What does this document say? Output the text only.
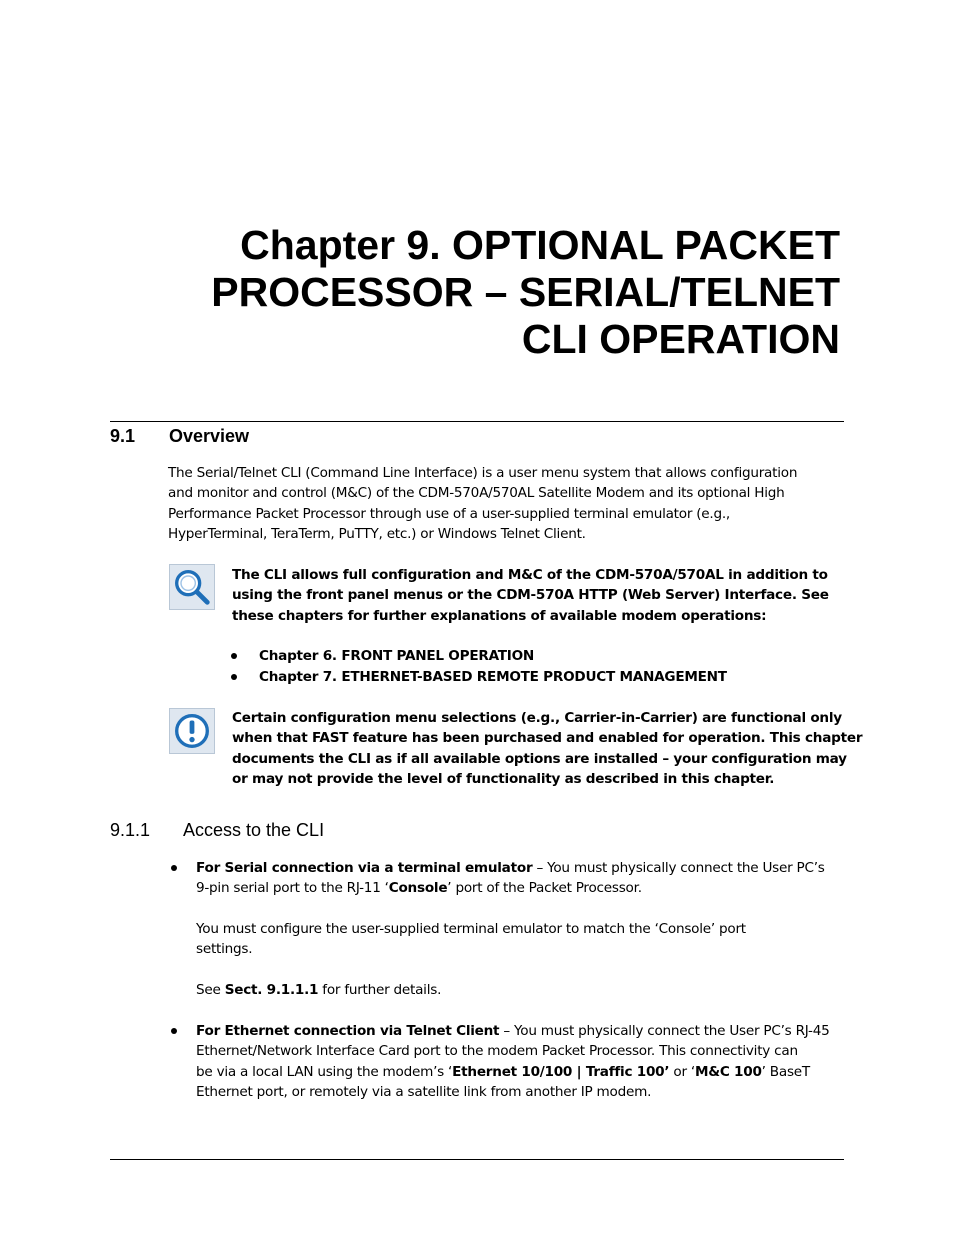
Chapter 9. OPTIONAL PACKET
PROCESSOR – SERIAL/TELNET
CLI OPERATION
9.1 Overview
The Serial/Telnet CLI (Command Line Interface) is a user menu system that allows configuration
and monitor and control (M&C) of the CDM-570A/570AL Satellite Modem and its optional High
Performance Packet Processor through use of a user-supplied terminal emulator (e.g.,
HyperTerminal, TeraTerm, PuTTY, etc.) or Windows Telnet Client.
The CLI allows full configuration and M&C of the CDM-570A/570AL in addition to
using the front panel menus or the CDM-570A HTTP (Web Server) Interface. See
these chapters for further explanations of available modem operations:
Chapter 6. FRONT PANEL OPERATION
Chapter 7. ETHERNET-BASED REMOTE PRODUCT MANAGEMENT
Certain configuration menu selections (e.g., Carrier-in-Carrier) are functional only
when that FAST feature has been purchased and enabled for operation. This chapter
documents the CLI as if all available options are installed – your configuration may
or may not provide the level of functionality as described in this chapter.
9.1.1 Access to the CLI
For Serial connection via a terminal emulator – You must physically connect the User PC’s
9-pin serial port to the RJ-11 ‘Console’ port of the Packet Processor.
You must configure the user-supplied terminal emulator to match the ‘Console’ port
settings.
See Sect. 9.1.1.1 for further details.
For Ethernet connection via Telnet Client – You must physically connect the User PC’s RJ-45
Ethernet/Network Interface Card port to the modem Packet Processor. This connectivity can
be via a local LAN using the modem’s ‘Ethernet 10/100 | Traffic 100’ or ‘M&C 100’ BaseT
Ethernet port, or remotely via a satellite link from another IP modem.
